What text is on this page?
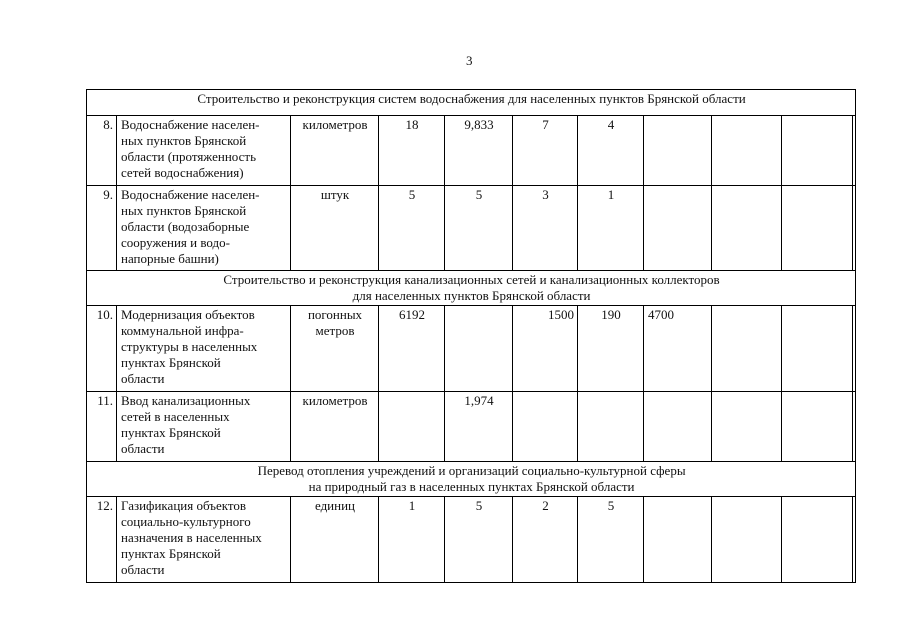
3
Строительство и реконструкция систем водоснабжения для населенных пунктов Брянской области										

8.	Водоснабжение населен-
ных пунктов Брянской
области (протяженность
сетей водоснабжения)	километров	18	9,833	7	4				
9.	Водоснабжение населен-
ных пунктов Брянской
области (водозаборные
сооружения и водо-
напорные башни)	штук	5	5	3	1				

Строительство и реконструкция канализационных сетей и канализационных коллекторов
для населенных пунктов Брянской области										

10.	Модернизация объектов
коммунальной инфра-
структуры в населенных
пунктах Брянской
области	погонных
метров	6192		1500	190	4700			
11.	Ввод канализационных
сетей в населенных
пунктах Брянской
области	километров		1,974						

Перевод отопления учреждений и организаций социально-культурной сферы
на природный газ в населенных пунктах Брянской области										

12.	Газификация объектов
социально-культурного
назначения в населенных
пунктах Брянской
области	единиц	1	5	2	5				
